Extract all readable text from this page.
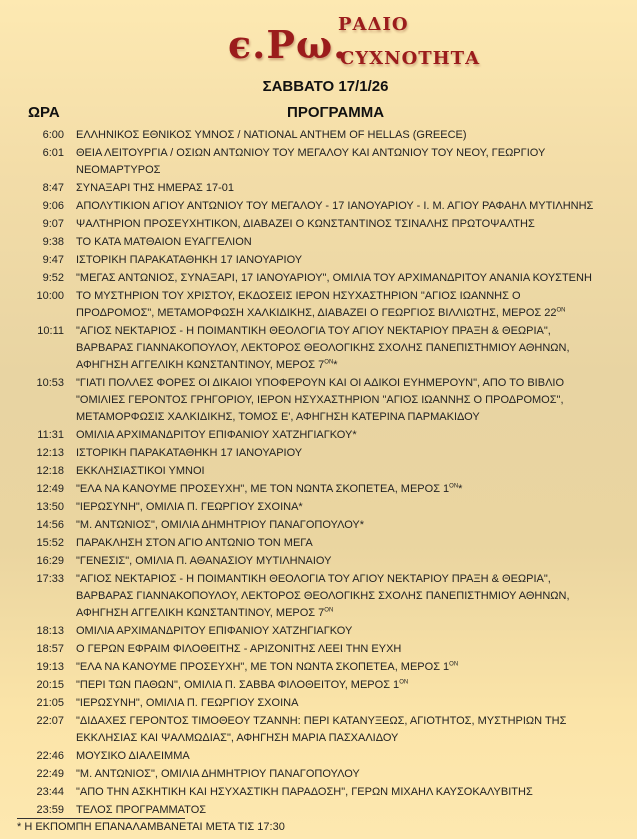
ϵ.Ρω.
ΡΑΔΙΟ
ϹΥΧΝΟΤΗΤΑ
ΣΑΒΒΑΤΟ 17/1/26
ΩΡΑ	ΠΡΟΓΡΑΜΜΑ
6:00	ΕΛΛΗΝΙΚΟΣ ΕΘΝΙΚΟΣ ΥΜΝΟΣ / NATIONAL ANTHEM OF HELLAS (GREECE)
6:01	ΘΕΙΑ ΛΕΙΤΟΥΡΓΙΑ / ΟΣΙΩΝ ΑΝΤΩΝΙΟΥ ΤΟΥ ΜΕΓΑΛΟΥ ΚΑΙ ΑΝΤΩΝΙΟΥ ΤΟΥ ΝΕΟΥ, ΓΕΩΡΓΙΟΥ ΝΕΟΜΑΡΤΥΡΟΣ
8:47	ΣΥΝΑΞΑΡΙ ΤΗΣ ΗΜΕΡΑΣ 17-01
9:06	ΑΠΟΛΥΤΙΚΙΟΝ ΑΓΙΟΥ ΑΝΤΩΝΙΟΥ ΤΟΥ ΜΕΓΑΛΟΥ - 17 ΙΑΝΟΥΑΡΙΟΥ - Ι. Μ. ΑΓΙΟΥ ΡΑΦΑΗΛ ΜΥΤΙΛΗΝΗΣ
9:07	ΨΑΛΤΗΡΙΟΝ ΠΡΟΣΕΥΧΗΤΙΚΟΝ, ΔΙΑΒΑΖΕΙ Ο ΚΩΝΣΤΑΝΤΙΝΟΣ ΤΣΙΝΑΛΗΣ ΠΡΩΤΟΨΑΛΤΗΣ
9:38	ΤΟ ΚΑΤΑ ΜΑΤΘΑΙΟΝ ΕΥΑΓΓΕΛΙΟΝ
9:47	ΙΣΤΟΡΙΚΗ ΠΑΡΑΚΑΤΑΘΗΚΗ 17 ΙΑΝΟΥΑΡΙΟΥ
9:52	"ΜΕΓΑΣ ΑΝΤΩΝΙΟΣ, ΣΥΝΑΞΑΡΙ, 17 ΙΑΝΟΥΑΡΙΟΥ", ΟΜΙΛΙΑ ΤΟΥ ΑΡΧΙΜΑΝΔΡΙΤΟΥ ΑΝΑΝΙΑ ΚΟΥΣΤΕΝΗ
10:00	ΤΟ ΜΥΣΤΗΡΙΟΝ ΤΟΥ ΧΡΙΣΤΟΥ, ΕΚΔΟΣΕΙΣ ΙΕΡΟΝ ΗΣΥΧΑΣΤΗΡΙΟΝ "ΑΓΙΟΣ ΙΩΑΝΝΗΣ Ο ΠΡΟΔΡΟΜΟΣ", ΜΕΤΑΜΟΡΦΩΣΗ ΧΑΛΚΙΔΙΚΗΣ, ΔΙΑΒΑΖΕΙ Ο ΓΕΩΡΓΙΟΣ ΒΙΛΛΙΩΤΗΣ, ΜΕΡΟΣ $22^{ON}$
10:11	"ΑΓΙΟΣ ΝΕΚΤΑΡΙΟΣ - Η ΠΟΙΜΑΝΤΙΚΗ ΘΕΟΛΟΓΙΑ ΤΟΥ ΑΓΙΟΥ ΝΕΚΤΑΡΙΟΥ ΠΡΑΞΗ & ΘΕΩΡΙΑ", ΒΑΡΒΑΡΑΣ ΓΙΑΝΝΑΚΟΠΟΥΛΟΥ, ΛΕΚΤΟΡΟΣ ΘΕΟΛΟΓΙΚΗΣ ΣΧΟΛΗΣ ΠΑΝΕΠΙΣΤΗΜΙΟΥ ΑΘΗΝΩΝ, ΑΦΗΓΗΣΗ ΑΓΓΕΛΙΚΗ ΚΩΝΣΤΑΝΤΙΝΟΥ, ΜΕΡΟΣ $7^{ON}*$
10:53	"ΓΙΑΤΙ ΠΟΛΛΕΣ ΦΟΡΕΣ ΟΙ ΔΙΚΑΙΟΙ ΥΠΟΦΕΡΟΥΝ ΚΑΙ ΟΙ ΑΔΙΚΟΙ ΕΥΗΜΕΡΟΥΝ", ΑΠΟ ΤΟ ΒΙΒΛΙΟ "ΟΜΙΛΙΕΣ ΓΕΡΟΝΤΟΣ ΓΡΗΓΟΡΙΟΥ, ΙΕΡΟΝ ΗΣΥΧΑΣΤΗΡΙΟΝ "ΑΓΙΟΣ ΙΩΑΝΝΗΣ Ο ΠΡΟΔΡΟΜΟΣ", ΜΕΤΑΜΟΡΦΩΣΙΣ ΧΑΛΚΙΔΙΚΗΣ, ΤΟΜΟΣ Ε', ΑΦΗΓΗΣΗ ΚΑΤΕΡΙΝΑ ΠΑΡΜΑΚΙΔΟΥ
11:31	ΟΜΙΛΙΑ ΑΡΧΙΜΑΝΔΡΙΤΟΥ ΕΠΙΦΑΝΙΟΥ ΧΑΤΖΗΓΙΑΓΚΟΥ*
12:13	ΙΣΤΟΡΙΚΗ ΠΑΡΑΚΑΤΑΘΗΚΗ 17 ΙΑΝΟΥΑΡΙΟΥ
12:18	ΕΚΚΛΗΣΙΑΣΤΙΚΟΙ ΥΜΝΟΙ
12:49	"ΕΛΑ ΝΑ ΚΑΝΟΥΜΕ ΠΡΟΣΕΥΧΗ", ΜΕ ΤΟΝ ΝΩΝΤΑ ΣΚΟΠΕΤΕΑ, ΜΕΡΟΣ $1^{ON}*$
13:50	"ΙΕΡΩΣΥΝΗ", ΟΜΙΛΙΑ Π. ΓΕΩΡΓΙΟΥ ΣΧΟΙΝΑ*
14:56	"Μ. ΑΝΤΩΝΙΟΣ", ΟΜΙΛΙΑ ΔΗΜΗΤΡΙΟΥ ΠΑΝΑΓΟΠΟΥΛΟΥ*
15:52	ΠΑΡΑΚΛΗΣΗ ΣΤΟΝ ΑΓΙΟ ΑΝΤΩΝΙΟ ΤΟΝ ΜΕΓΑ
16:29	"ΓΕΝΕΣΙΣ", ΟΜΙΛΙΑ Π. ΑΘΑΝΑΣΙΟΥ ΜΥΤΙΛΗΝΑΙΟΥ
17:33	"ΑΓΙΟΣ ΝΕΚΤΑΡΙΟΣ - Η ΠΟΙΜΑΝΤΙΚΗ ΘΕΟΛΟΓΙΑ ΤΟΥ ΑΓΙΟΥ ΝΕΚΤΑΡΙΟΥ ΠΡΑΞΗ & ΘΕΩΡΙΑ", ΒΑΡΒΑΡΑΣ ΓΙΑΝΝΑΚΟΠΟΥΛΟΥ, ΛΕΚΤΟΡΟΣ ΘΕΟΛΟΓΙΚΗΣ ΣΧΟΛΗΣ ΠΑΝΕΠΙΣΤΗΜΙΟΥ ΑΘΗΝΩΝ, ΑΦΗΓΗΣΗ ΑΓΓΕΛΙΚΗ ΚΩΝΣΤΑΝΤΙΝΟΥ, ΜΕΡΟΣ $7^{ON}$
18:13	ΟΜΙΛΙΑ ΑΡΧΙΜΑΝΔΡΙΤΟΥ ΕΠΙΦΑΝΙΟΥ ΧΑΤΖΗΓΙΑΓΚΟΥ
18:57	Ο ΓΕΡΩΝ ΕΦΡΑΙΜ ΦΙΛΟΘΕΙΤΗΣ - ΑΡΙΖΟΝΙΤΗΣ ΛΕΕΙ ΤΗΝ ΕΥΧΗ
19:13	"ΕΛΑ ΝΑ ΚΑΝΟΥΜΕ ΠΡΟΣΕΥΧΗ", ΜΕ ΤΟΝ ΝΩΝΤΑ ΣΚΟΠΕΤΕΑ, ΜΕΡΟΣ $1^{ON}$
20:15	"ΠΕΡΙ ΤΩΝ ΠΑΘΩΝ", ΟΜΙΛΙΑ Π. ΣΑΒΒΑ ΦΙΛΟΘΕΙΤΟΥ, ΜΕΡΟΣ $1^{ON}$
21:05	"ΙΕΡΩΣΥΝΗ", ΟΜΙΛΙΑ Π. ΓΕΩΡΓΙΟΥ ΣΧΟΙΝΑ
22:07	"ΔΙΔΑΧΕΣ ΓΕΡΟΝΤΟΣ ΤΙΜΟΘΕΟΥ ΤΖΑΝΝΗ: ΠΕΡΙ ΚΑΤΑΝΥΞΕΩΣ, ΑΓΙΟΤΗΤΟΣ, ΜΥΣΤΗΡΙΩΝ ΤΗΣ ΕΚΚΛΗΣΙΑΣ ΚΑΙ ΨΑΛΜΩΔΙΑΣ", ΑΦΗΓΗΣΗ ΜΑΡΙΑ ΠΑΣΧΑΛΙΔΟΥ
22:46	ΜΟΥΣΙΚΟ ΔΙΑΛΕΙΜΜΑ
22:49	"Μ. ΑΝΤΩΝΙΟΣ", ΟΜΙΛΙΑ ΔΗΜΗΤΡΙΟΥ ΠΑΝΑΓΟΠΟΥΛΟΥ
23:44	"ΑΠΟ ΤΗΝ ΑΣΚΗΤΙΚΗ ΚΑΙ ΗΣΥΧΑΣΤΙΚΗ ΠΑΡΑΔΟΣΗ", ΓΕΡΩΝ ΜΙΧΑΗΛ ΚΑΥΣΟΚΑΛΥΒΙΤΗΣ
23:59	ΤΕΛΟΣ ΠΡΟΓΡΑΜΜΑΤΟΣ
* Η ΕΚΠΟΜΠΗ ΕΠΑΝΑΛΑΜΒΑΝΕΤΑΙ ΜΕΤΑ ΤΙΣ 17:30
